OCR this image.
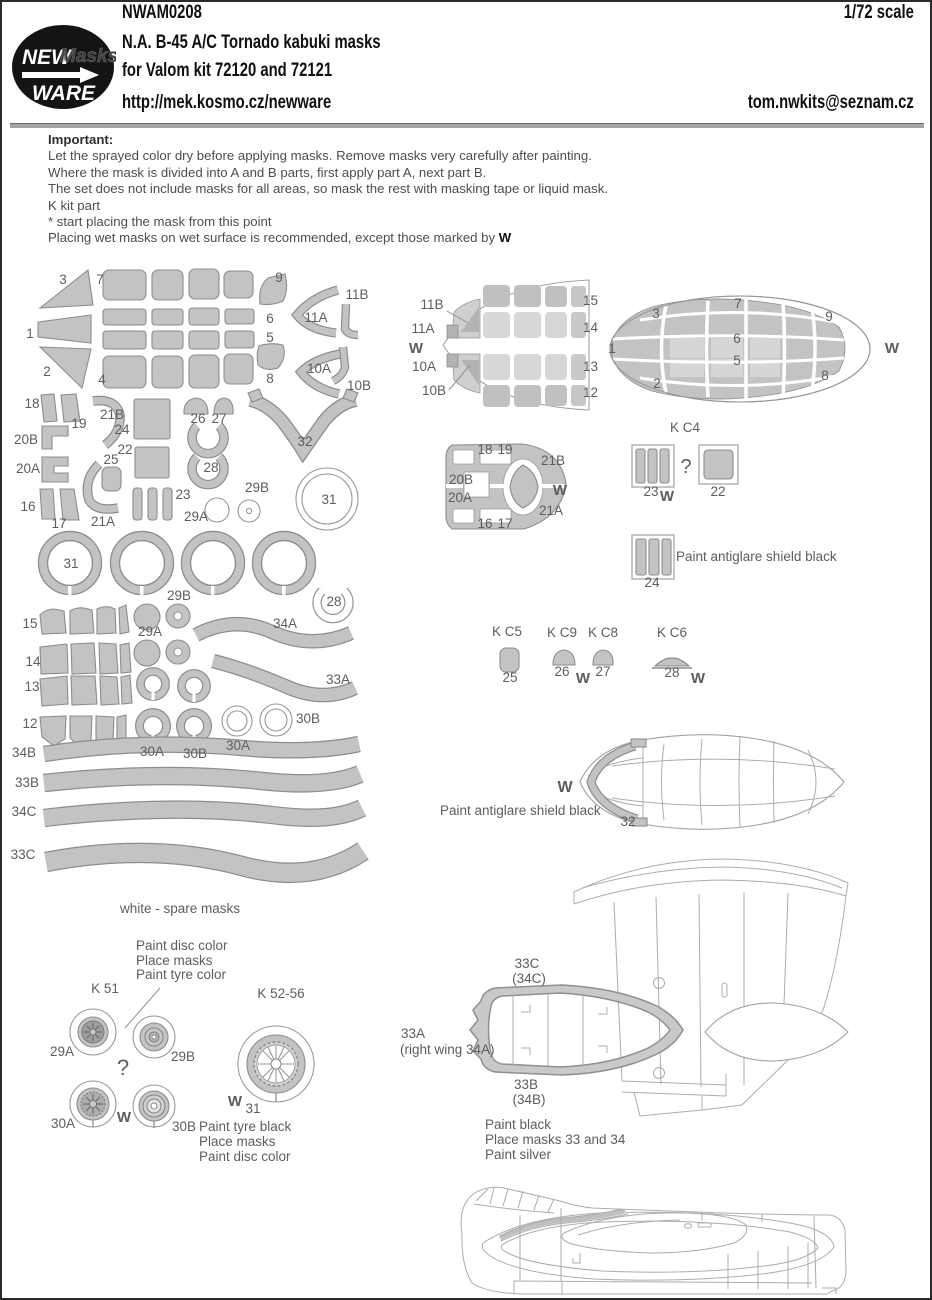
3 7	9
11B
11A
6
5
1
2
4
10A
8	10B
18
19
21B
24
20B
26 27
32
22
25
20A	28
16
17 21A
23
29A
29B
31
31
29B
29A
28
34A
15
14
13	33A
12
30A
30B
30A 30B
34B
33B
34C
33C
white - spare masks
Paint disc color
Place masks
Paint tyre color
K 51	K 52-56
29A	29B
?
30A	W
30B
W 31
Paint tyre black
Place masks
Paint disc color
11B
11A
W
10A
10B
15
14
13
12
3
7
9
1
6
5
2
8
W
18 19
21B
20B
W
20A
21A
16 17
K C4
23 W
?
22
Paint antiglare shield black
24
K C5 K C9 K C8	K C6
25	26 W 27	28 W
W
Paint antiglare shield black
32
33C
(34C)
33A
(right wing 34A)
33B
(34B)
Paint black
Place masks 33 and 34
Paint silver
NEW
Masks
WARE
NWAM0208
N.A. B-45 A/C Tornado kabuki masks
for Valom kit 72120 and 72121
http://mek.kosmo.cz/newware
1/72 scale
tom.nwkits@seznam.cz
Important:
Let the sprayed color dry before applying masks. Remove masks very carefully after painting.
Where the mask is divided into A and B parts, first apply part A, next part B.
The set does not include masks for all areas, so mask the rest with masking tape or liquid mask.
K kit part
* start placing the mask from this point
Placing wet masks on wet surface is recommended, except those marked by W
